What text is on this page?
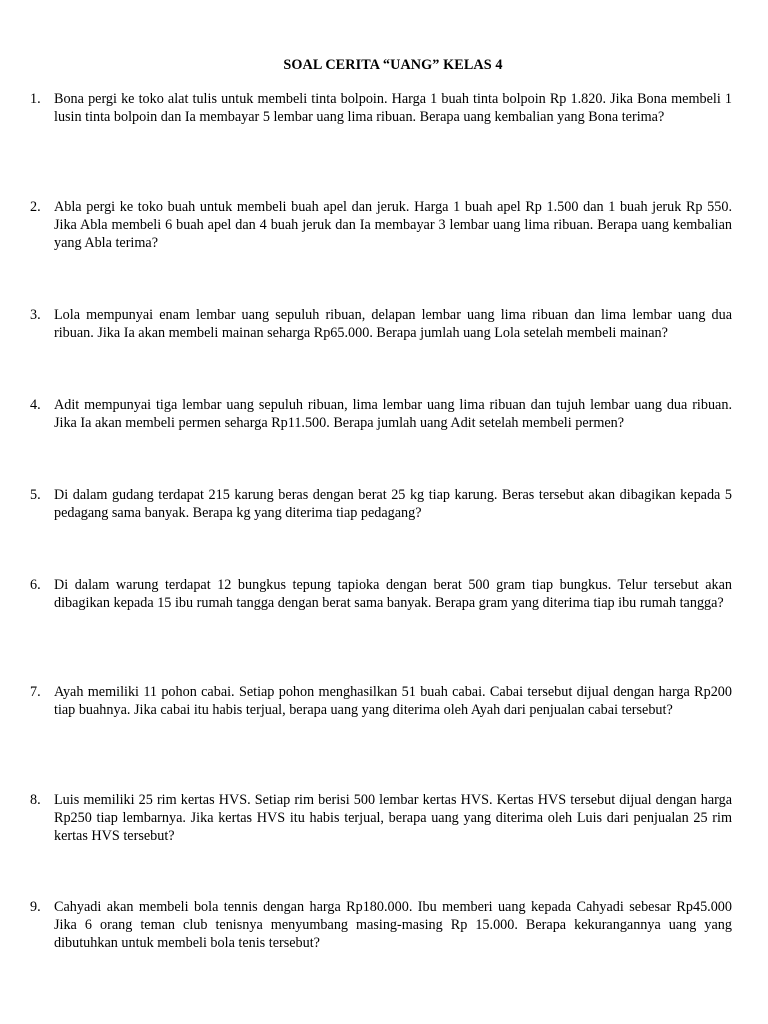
SOAL CERITA “UANG” KELAS 4
1. Bona pergi ke toko alat tulis untuk membeli tinta bolpoin. Harga 1 buah tinta bolpoin Rp 1.820. Jika Bona membeli 1 lusin tinta bolpoin dan Ia membayar 5 lembar uang lima ribuan. Berapa uang kembalian yang Bona terima?
2. Abla pergi ke toko buah untuk membeli buah apel dan jeruk. Harga 1 buah apel Rp 1.500 dan 1 buah jeruk Rp 550. Jika Abla membeli 6 buah apel dan 4 buah jeruk dan Ia membayar 3 lembar uang lima ribuan. Berapa uang kembalian yang Abla terima?
3. Lola mempunyai enam lembar uang sepuluh ribuan, delapan lembar uang lima ribuan dan lima lembar uang dua ribuan. Jika Ia akan membeli mainan seharga Rp65.000. Berapa jumlah uang Lola setelah membeli mainan?
4. Adit mempunyai tiga lembar uang sepuluh ribuan, lima lembar uang lima ribuan dan tujuh lembar uang dua ribuan. Jika Ia akan membeli permen seharga Rp11.500. Berapa jumlah uang Adit setelah membeli permen?
5. Di dalam gudang terdapat 215 karung beras dengan berat 25 kg tiap karung. Beras tersebut akan dibagikan kepada 5 pedagang sama banyak. Berapa kg yang diterima tiap pedagang?
6. Di dalam warung terdapat 12 bungkus tepung tapioka dengan berat 500 gram tiap bungkus. Telur tersebut akan dibagikan kepada 15 ibu rumah tangga dengan berat sama banyak. Berapa gram yang diterima tiap ibu rumah tangga?
7. Ayah memiliki 11 pohon cabai. Setiap pohon menghasilkan 51 buah cabai. Cabai tersebut dijual dengan harga Rp200 tiap buahnya. Jika cabai itu habis terjual, berapa uang yang diterima oleh Ayah dari penjualan cabai tersebut?
8. Luis memiliki 25 rim kertas HVS. Setiap rim berisi 500 lembar kertas HVS. Kertas HVS tersebut dijual dengan harga Rp250 tiap lembarnya. Jika kertas HVS itu habis terjual, berapa uang yang diterima oleh Luis dari penjualan 25 rim kertas HVS tersebut?
9. Cahyadi akan membeli bola tennis dengan harga Rp180.000. Ibu memberi uang kepada Cahyadi sebesar Rp45.000 Jika 6 orang teman club tenisnya menyumbang masing-masing Rp 15.000. Berapa kekurangannya uang yang dibutuhkan untuk membeli bola tenis tersebut?
